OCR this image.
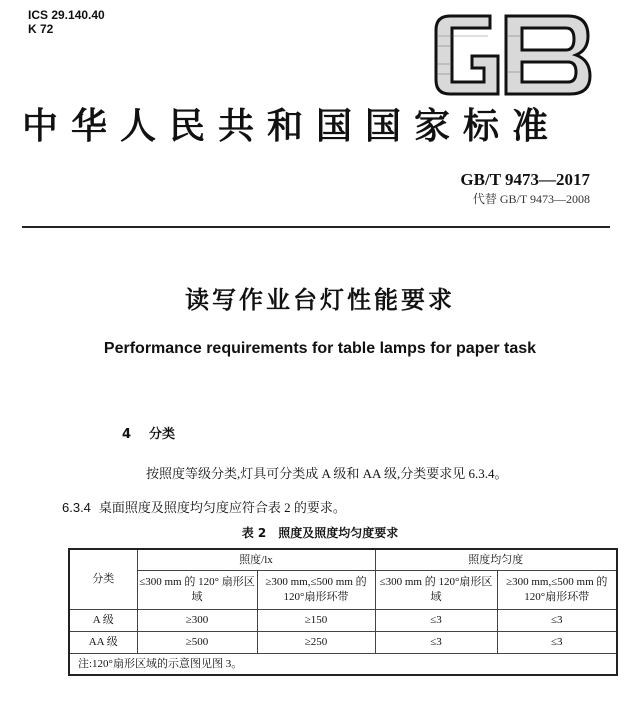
ICS 29.140.40
K 72
中华人民共和国国家标准
GB/T 9473—2017
代替 GB/T 9473—2008
读写作业台灯性能要求
Performance requirements for table lamps for paper task
4 分类
按照度等级分类,灯具可分类成 A 级和 AA 级,分类要求见 6.3.4。
6.3.4 桌面照度及照度均匀度应符合表 2 的要求。
表 2 照度及照度均匀度要求
分类	照度/lx		照度均匀度	
	≤300 mm 的 120° 扇形区域	≥300 mm,≤500 mm 的 120°扇形环带	≤300 mm 的 120°扇形区域	≥300 mm,≤500 mm 的 120°扇形环带
A 级	≥300	≥150	≤3	≤3
AA 级	≥500	≥250	≤3	≤3
注:120°扇形区域的示意图见图 3。				
